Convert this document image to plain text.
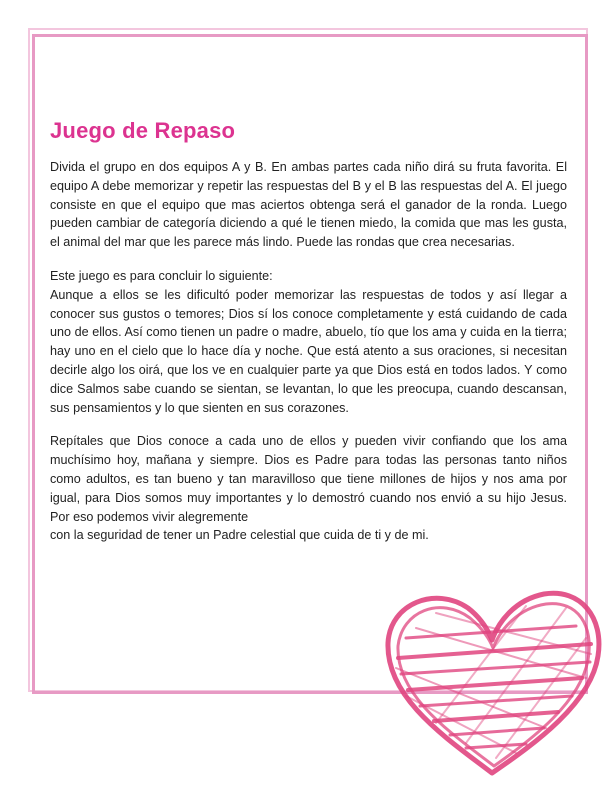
Juego de Repaso

Divida el grupo en dos equipos A y B. En ambas partes cada niño dirá su fruta favorita. El equipo A debe memorizar y repetir las respuestas del B y el B las respuestas del A. El juego consiste en que el equipo que mas aciertos obtenga será el ganador de la ronda. Luego pueden cambiar de categoría diciendo a qué le tienen miedo, la comida que mas les gusta, el animal del mar que les parece más lindo. Puede las rondas que crea necesarias.

Este juego es para concluir lo siguiente:
Aunque a ellos se les dificultó poder memorizar las respuestas de todos y así llegar a conocer sus gustos o temores; Dios sí los conoce completamente y está cuidando de cada uno de ellos. Así como tienen un padre o madre, abuelo, tío que los ama y cuida en la tierra; hay uno en el cielo que lo hace día y noche. Que está atento a sus oraciones, si necesitan decirle algo los oirá, que los ve en cualquier parte ya que Dios está en todos lados. Y como dice Salmos sabe cuando se sientan, se levantan, lo que les preocupa, cuando descansan, sus pensamientos y lo que sienten en sus corazones.

Repítales que Dios conoce a cada uno de ellos y pueden vivir confiando que los ama muchísimo hoy, mañana y siempre. Dios es Padre para todas las personas tanto niños como adultos, es tan bueno y tan maravilloso que tiene millones de hijos y nos ama por igual, para Dios somos muy importantes y lo demostró cuando nos envió a su hijo Jesus. Por eso podemos vivir alegremente
con la seguridad de tener un Padre celestial que cuida de ti y de mi.
